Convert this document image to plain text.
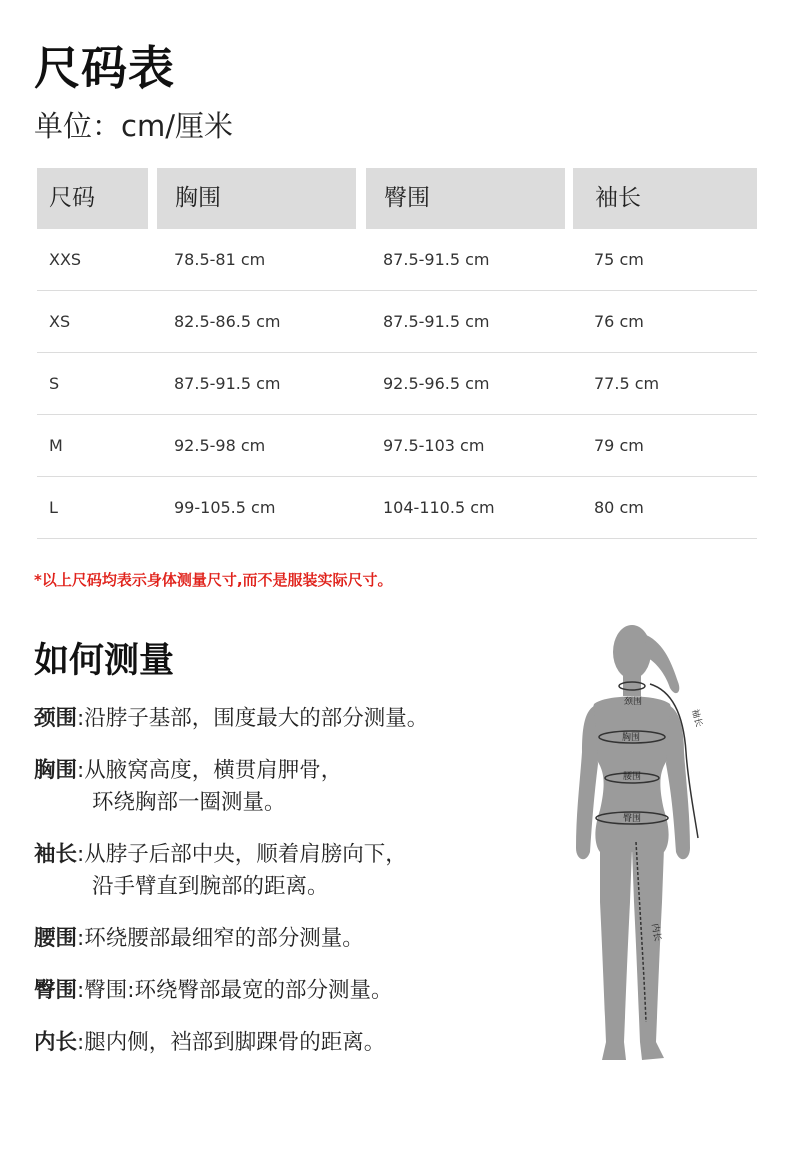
尺码表
单位：cm/厘米
尺码	胸围	臀围	袖长
XXS	78.5-81 cm	87.5-91.5 cm	75 cm
XS	82.5-86.5 cm	87.5-91.5 cm	76 cm
S	87.5-91.5 cm	92.5-96.5 cm	77.5 cm
M	92.5-98 cm	97.5-103 cm	79 cm
L	99-105.5 cm	104-110.5 cm	80 cm
*以上尺码均表示身体测量尺寸,而不是服装实际尺寸。
如何测量
颈围:沿脖子基部，围度最大的部分测量。
胸围:从腋窝高度，横贯肩胛骨，
环绕胸部一圈测量。
袖长:从脖子后部中央，顺着肩膀向下，
沿手臂直到腕部的距离。
腰围:环绕腰部最细窄的部分测量。
臀围:臀围:环绕臀部最宽的部分测量。
内长:腿内侧，裆部到脚踝骨的距离。
颈围
胸围
腰围
臀围
袖长
内长
